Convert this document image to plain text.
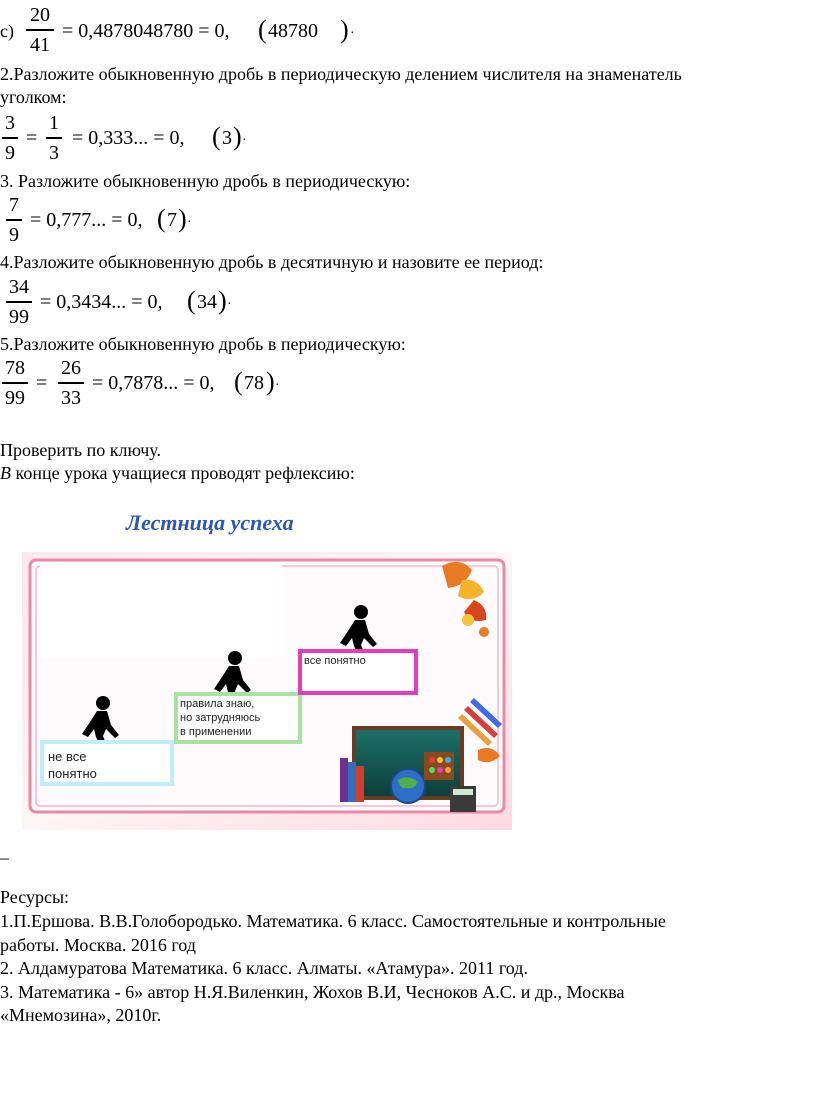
с)
20
41
= 0,4878048780 = 0, ( 48780 ) ·
2.Разложите обыкновенную дробь в периодическую делением числителя на знаменатель
уголком:
3
9
=
1
3
= 0,333... = 0, ( 3 ) ·
3. Разложите обыкновенную дробь в периодическую:
7
9
= 0,777... = 0, ( 7 ) ·
4.Разложите обыкновенную дробь в десятичную и назовите ее период:
34
99
= 0,3434... = 0, ( 34 ) ·
5.Разложите обыкновенную дробь в периодическую:
78
99
=
26
33
= 0,7878... = 0, ( 78 ) ·
Проверить по ключу.
В конце урока учащиеся проводят рефлексию:
Лестница успеха
не все
понятно
правила знаю,
но затрудняюсь
в применении
все понятно
_
Ресурсы:
1.П.Ершова. В.В.Голобородько. Математика. 6 класс. Самостоятельные и контрольные
работы. Москва. 2016 год
2. Алдамуратова Математика. 6 класс. Алматы. «Атамура». 2011 год.
3. Математика - 6» автор Н.Я.Виленкин, Жохов В.И, Чесноков А.С. и др., Москва
«Мнемозина», 2010г.
